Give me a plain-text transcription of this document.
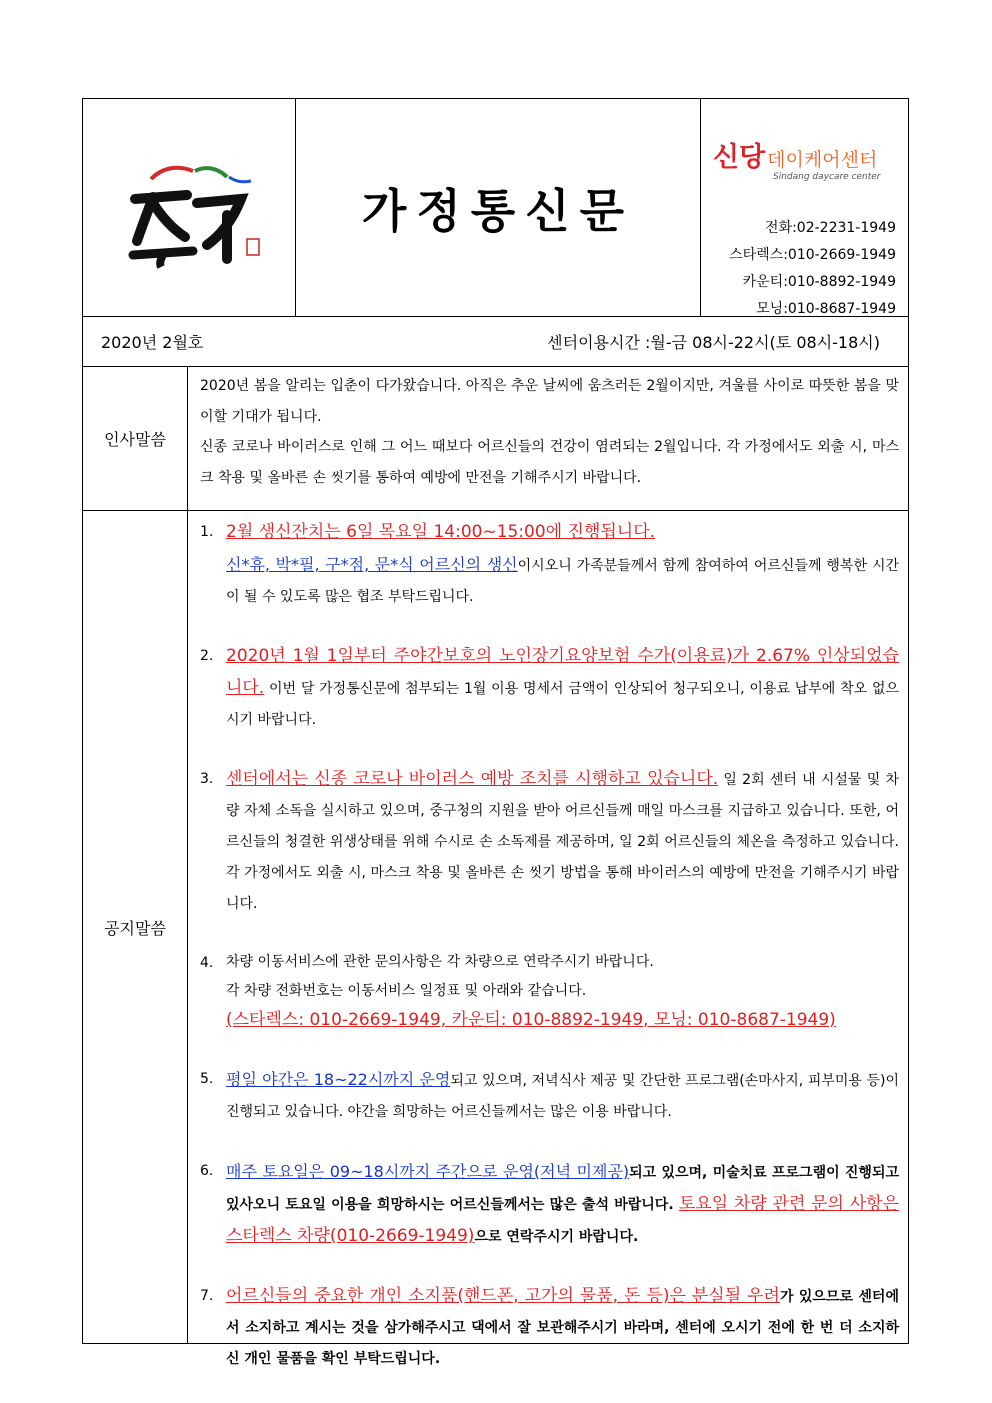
가정통신문
신당 데이케어센터
Sindang daycare center
전화:02-2231-1949
스타렉스:010-2669-1949
카운티:010-8892-1949
모닝:010-8687-1949
2020년 2월호	센터이용시간 :월-금 08시-22시(토 08시-18시)
인사말씀
2020년 봄을 알리는 입춘이 다가왔습니다. 아직은 추운 날씨에 움츠러든 2월이지만, 겨울를 사이로 따뜻한 봄을 맞이할 기대가 됩니다.
신종 코로나 바이러스로 인해 그 어느 때보다 어르신들의 건강이 염려되는 2월입니다. 각 가정에서도 외출 시, 마스크 착용 및 올바른 손 씻기를 통하여 예방에 만전을 기해주시기 바랍니다.
공지말씀
1. 2월 생신잔치는 6일 목요일 14:00~15:00에 진행됩니다.
신*휴, 박*필, 구*점, 문*식 어르신의 생신이시오니 가족분들께서 함께 참여하여 어르신들께 행복한 시간이 될 수 있도록 많은 협조 부탁드립니다.
2. 2020년 1월 1일부터 주야간보호의 노인장기요양보험 수가(이용료)가 2.67% 인상되었습니다. 이번 달 가정통신문에 첨부되는 1월 이용 명세서 금액이 인상되어 청구되오니, 이용료 납부에 착오 없으시기 바랍니다.
3. 센터에서는 신종 코로나 바이러스 예방 조치를 시행하고 있습니다. 일 2회 센터 내 시설물 및 차량 자체 소독을 실시하고 있으며, 중구청의 지원을 받아 어르신들께 매일 마스크를 지급하고 있습니다. 또한, 어르신들의 청결한 위생상태를 위해 수시로 손 소독제를 제공하며, 일 2회 어르신들의 체온을 측정하고 있습니다. 각 가정에서도 외출 시, 마스크 착용 및 올바른 손 씻기 방법을 통해 바이러스의 예방에 만전을 기해주시기 바랍니다.
4. 차량 이동서비스에 관한 문의사항은 각 차량으로 연락주시기 바랍니다.
각 차량 전화번호는 이동서비스 일정표 및 아래와 같습니다.
(스타렉스: 010-2669-1949, 카운티: 010-8892-1949, 모닝: 010-8687-1949)
5. 평일 야간은 18~22시까지 운영되고 있으며, 저녁식사 제공 및 간단한 프로그램(손마사지, 피부미용 등)이 진행되고 있습니다. 야간을 희망하는 어르신들께서는 많은 이용 바랍니다.
6. 매주 토요일은 09~18시까지 주간으로 운영(저녁 미제공)되고 있으며, 미술치료 프로그램이 진행되고 있사오니 토요일 이용을 희망하시는 어르신들께서는 많은 출석 바랍니다. 토요일 차량 관련 문의 사항은 스타렉스 차량(010-2669-1949)으로 연락주시기 바랍니다.
7. 어르신들의 중요한 개인 소지품(핸드폰, 고가의 물품, 돈 등)은 분실될 우려가 있으므로 센터에서 소지하고 계시는 것을 삼가해주시고 댁에서 잘 보관해주시기 바라며, 센터에 오시기 전에 한 번 더 소지하신 개인 물품을 확인 부탁드립니다.
